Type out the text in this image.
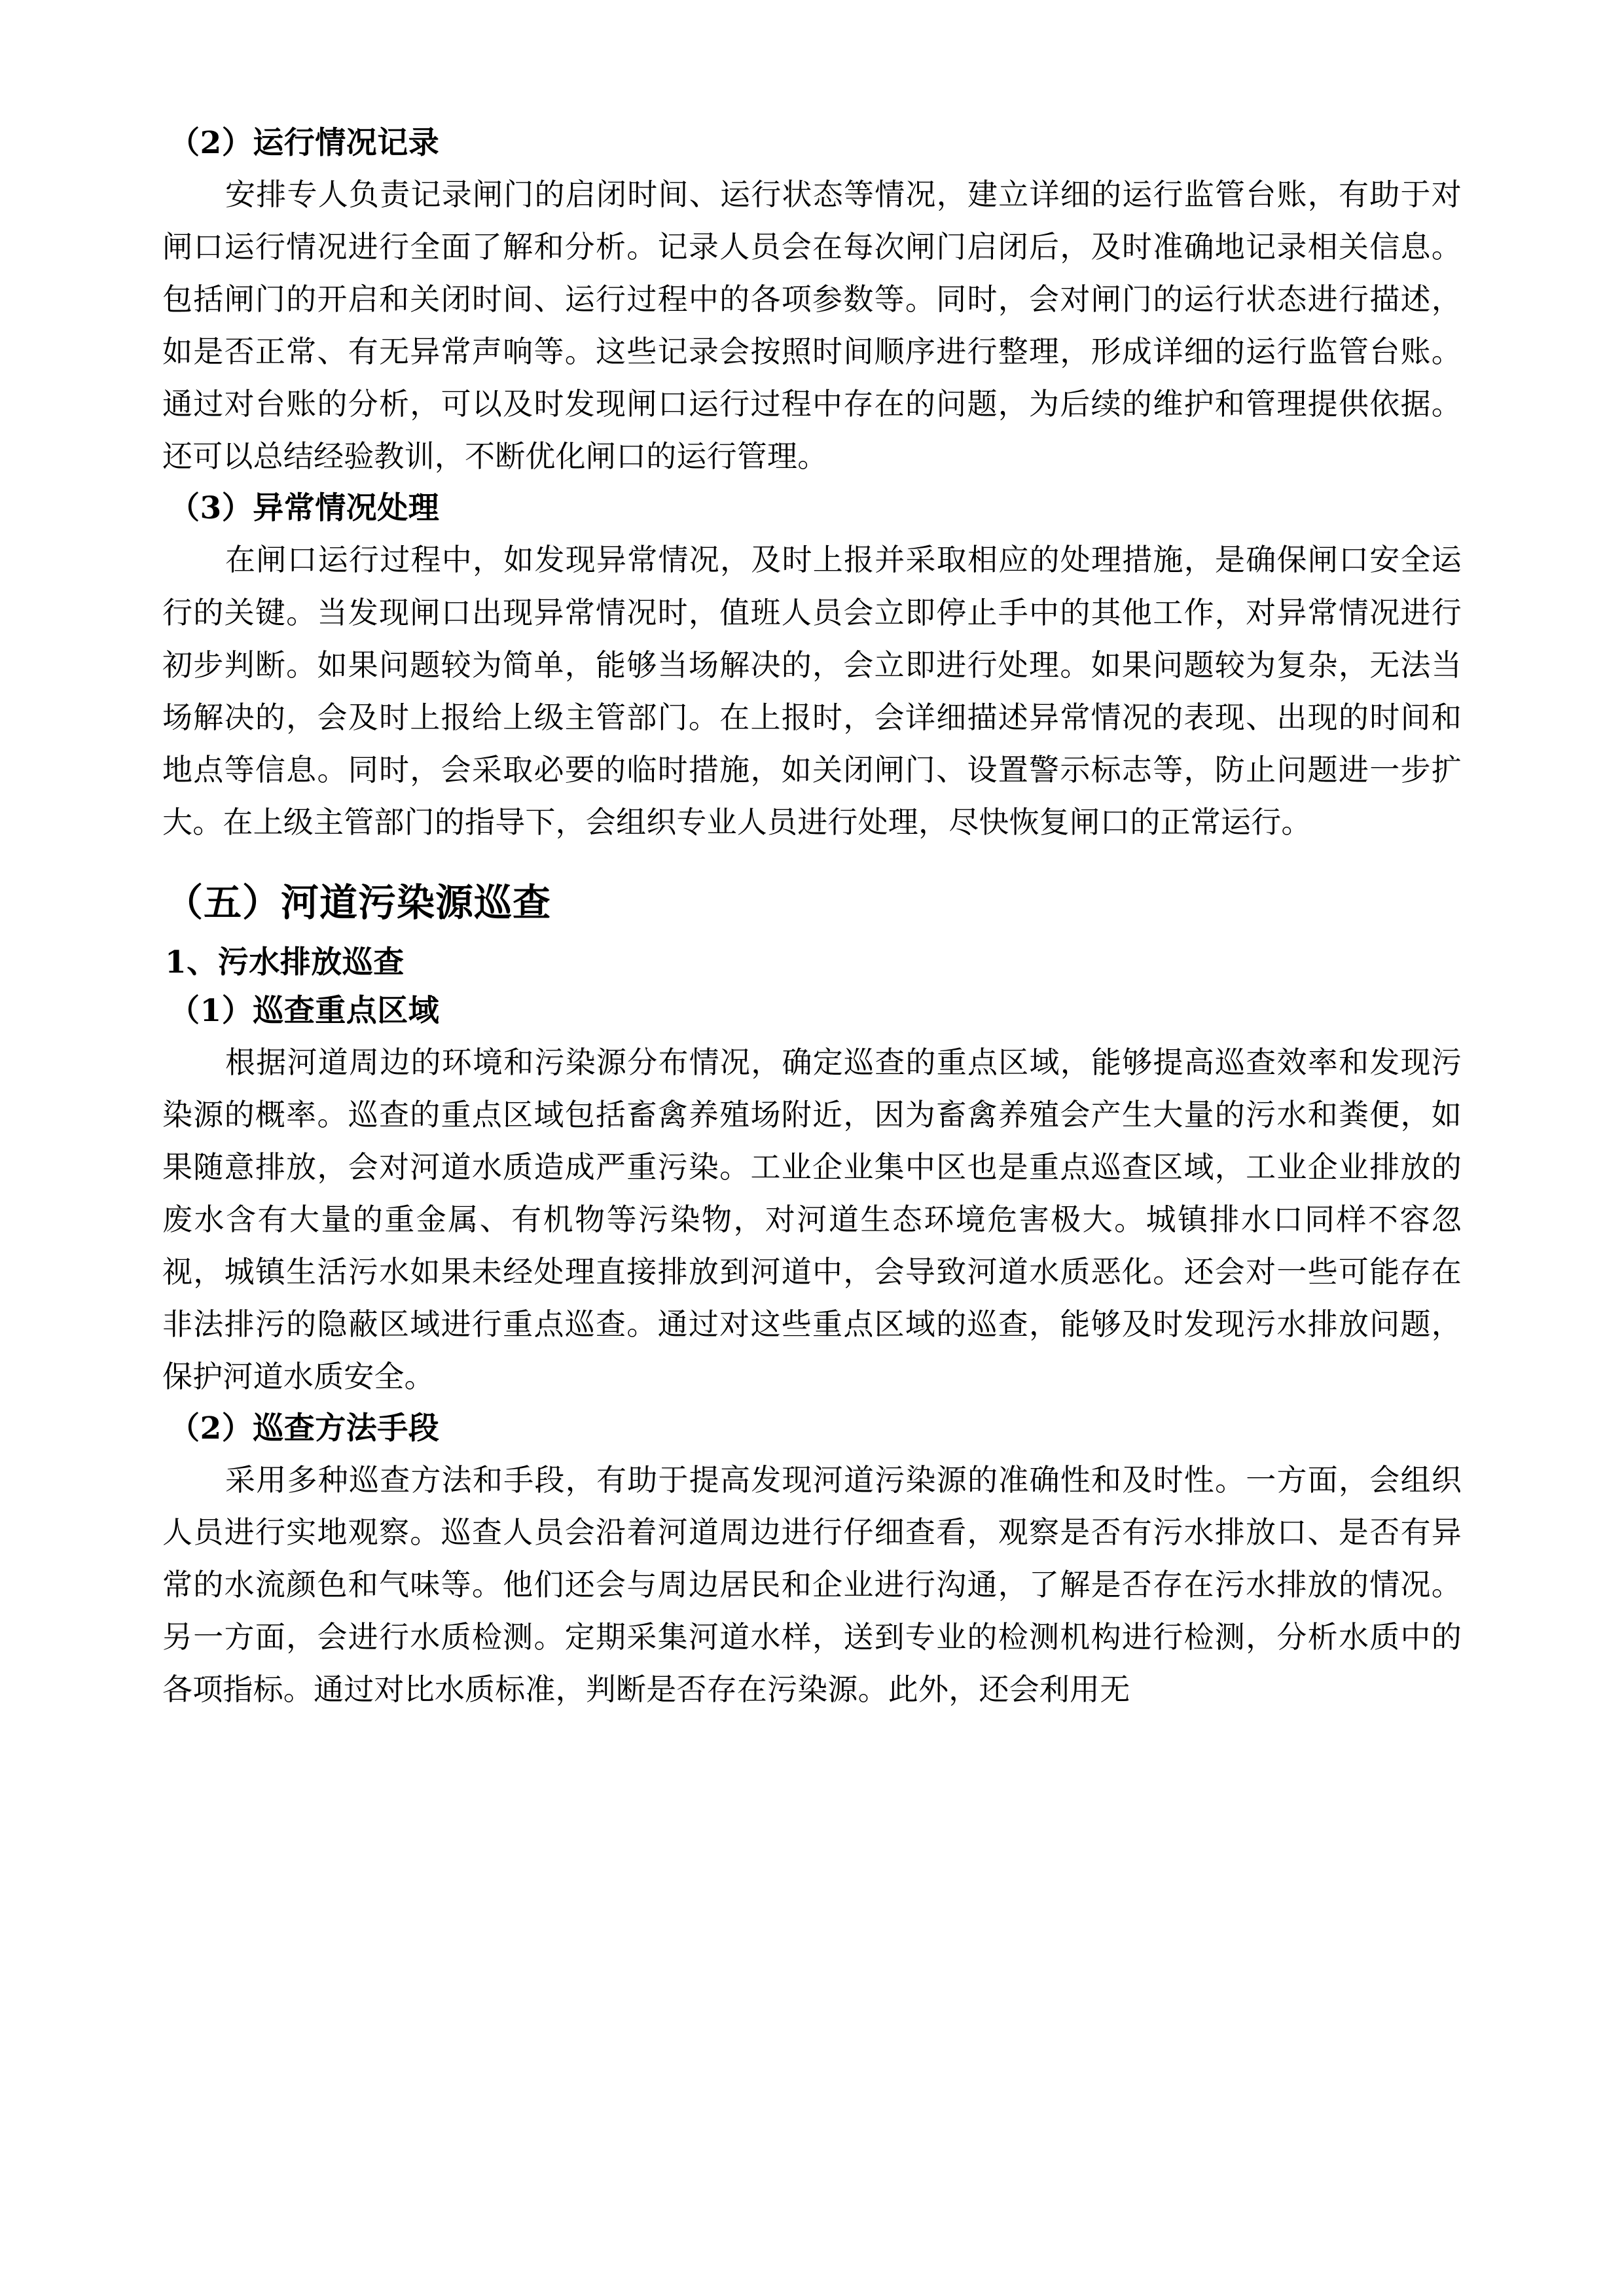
（2）运行情况记录

安排专人负责记录闸门的启闭时间、运行状态等情况，建立详细的运行监管台账，有助于对闸口运行情况进行全面了解和分析。记录人员会在每次闸门启闭后，及时准确地记录相关信息。包括闸门的开启和关闭时间、运行过程中的各项参数等。同时，会对闸门的运行状态进行描述，如是否正常、有无异常声响等。这些记录会按照时间顺序进行整理，形成详细的运行监管台账。通过对台账的分析，可以及时发现闸口运行过程中存在的问题，为后续的维护和管理提供依据。还可以总结经验教训，不断优化闸口的运行管理。

（3）异常情况处理

在闸口运行过程中，如发现异常情况，及时上报并采取相应的处理措施，是确保闸口安全运行的关键。当发现闸口出现异常情况时，值班人员会立即停止手中的其他工作，对异常情况进行初步判断。如果问题较为简单，能够当场解决的，会立即进行处理。如果问题较为复杂，无法当场解决的，会及时上报给上级主管部门。在上报时，会详细描述异常情况的表现、出现的时间和地点等信息。同时，会采取必要的临时措施，如关闭闸门、设置警示标志等，防止问题进一步扩大。在上级主管部门的指导下，会组织专业人员进行处理，尽快恢复闸口的正常运行。

（五）河道污染源巡查
1、污水排放巡查
（1）巡查重点区域

根据河道周边的环境和污染源分布情况，确定巡查的重点区域，能够提高巡查效率和发现污染源的概率。巡查的重点区域包括畜禽养殖场附近，因为畜禽养殖会产生大量的污水和粪便，如果随意排放，会对河道水质造成严重污染。工业企业集中区也是重点巡查区域，工业企业排放的废水含有大量的重金属、有机物等污染物，对河道生态环境危害极大。城镇排水口同样不容忽视，城镇生活污水如果未经处理直接排放到河道中，会导致河道水质恶化。还会对一些可能存在非法排污的隐蔽区域进行重点巡查。通过对这些重点区域的巡查，能够及时发现污水排放问题，保护河道水质安全。

（2）巡查方法手段

采用多种巡查方法和手段，有助于提高发现河道污染源的准确性和及时性。一方面，会组织人员进行实地观察。巡查人员会沿着河道周边进行仔细查看，观察是否有污水排放口、是否有异常的水流颜色和气味等。他们还会与周边居民和企业进行沟通，了解是否存在污水排放的情况。另一方面，会进行水质检测。定期采集河道水样，送到专业的检测机构进行检测，分析水质中的各项指标。通过对比水质标准，判断是否存在污染源。此外，还会利用无
